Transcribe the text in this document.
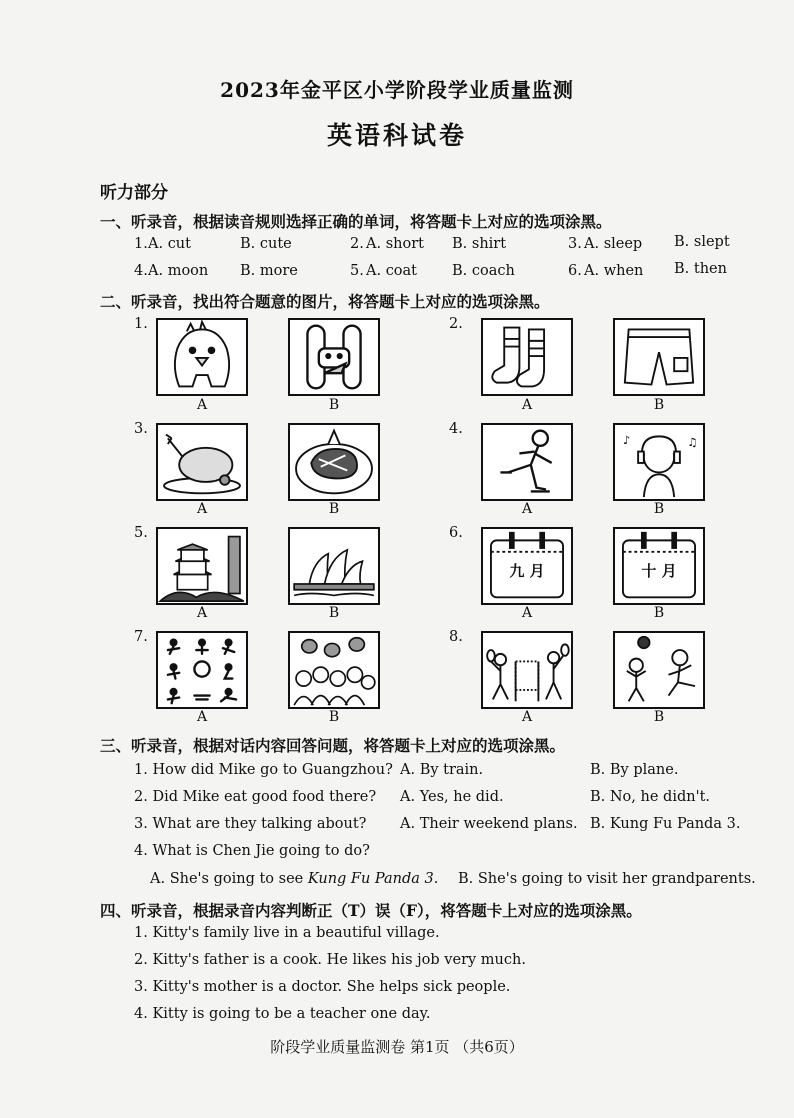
2023年金平区小学阶段学业质量监测
英语科试卷
听力部分
一、听录音，根据读音规则选择正确的单词，将答题卡上对应的选项涂黑。
1. A. cut	B. cute	2. A. short B. shirt	3. A. sleep B. slept
4. A. moon B. more	5. A. coat B. coach	6. A. when B. then
二、听录音，找出符合题意的图片，将答题卡上对应的选项涂黑。
1.
A	B
2.
A	B
3.
A	B
4.
A
♪	♫
B
5.
A	B
6.
九 月
A
十 月
B
7.
A	B
8.
A	B
三、听录音，根据对话内容回答问题，将答题卡上对应的选项涂黑。
1. How did Mike go to Guangzhou? A. By train.	B. By plane.
2. Did Mike eat good food there? A. Yes, he did.	B. No, he didn't.
3. What are they talking about? A. Their weekend plans. B. Kung Fu Panda 3.
4. What is Chen Jie going to do?
A. She's going to see Kung Fu Panda 3. B. She's going to visit her grandparents.
四、听录音，根据录音内容判断正（T）误（F），将答题卡上对应的选项涂黑。
1. Kitty's family live in a beautiful village.
2. Kitty's father is a cook. He likes his job very much.
3. Kitty's mother is a doctor. She helps sick people.
4. Kitty is going to be a teacher one day.
阶段学业质量监测卷 第1页 （共6页）
